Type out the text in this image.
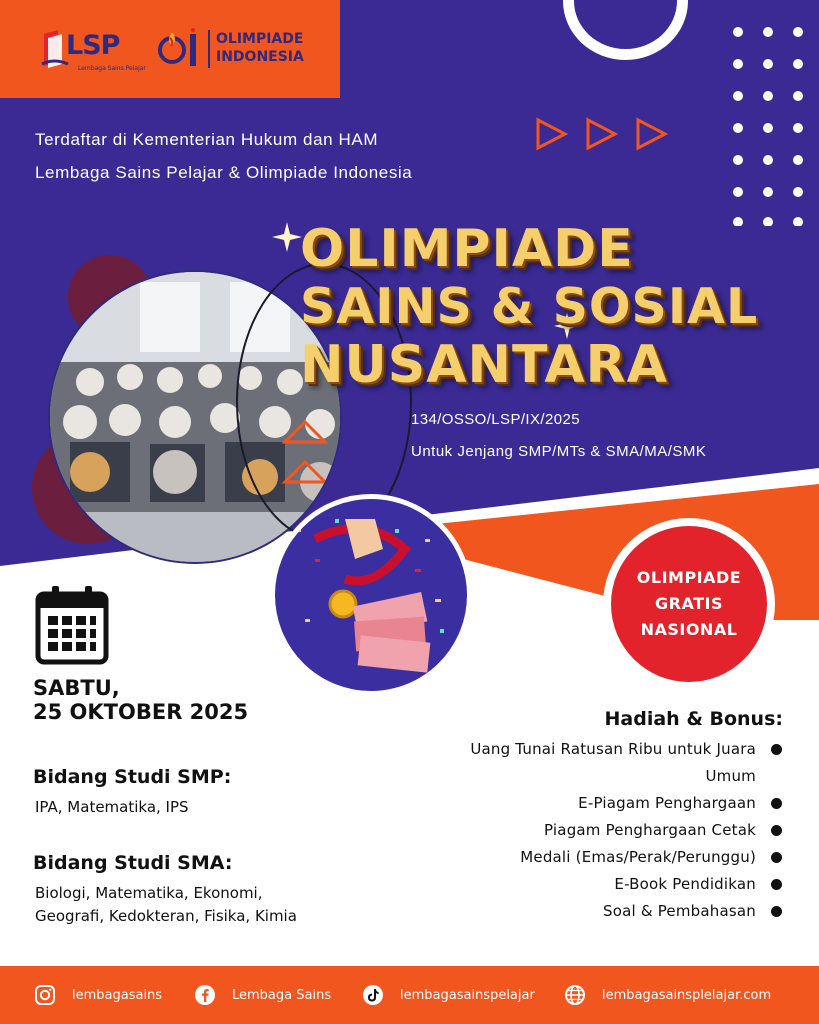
LSP
Lembaga Sains Pelajar
OLIMPIADE
INDONESIA
Terdaftar di Kementerian Hukum dan HAM
Lembaga Sains Pelajar & Olimpiade Indonesia
OLIMPIADE
SAINS & SOSIAL
NUSANTARA
134/OSSO/LSP/IX/2025
Untuk Jenjang SMP/MTs & SMA/MA/SMK
OLIMPIADE
GRATIS
NASIONAL
SABTU,
25 OKTOBER 2025
Bidang Studi SMP:
IPA, Matematika, IPS
Bidang Studi SMA:
Biologi, Matematika, Ekonomi,
Geografi, Kedokteran, Fisika, Kimia
Hadiah & Bonus:
Uang Tunai Ratusan Ribu untuk Juara Umum
E-Piagam Penghargaan
Piagam Penghargaan Cetak
Medali (Emas/Perak/Perunggu)
E-Book Pendidikan
Soal & Pembahasan
lembagasains	Lembaga Sains	lembagasainspelajar	lembagasainsplelajar.com
